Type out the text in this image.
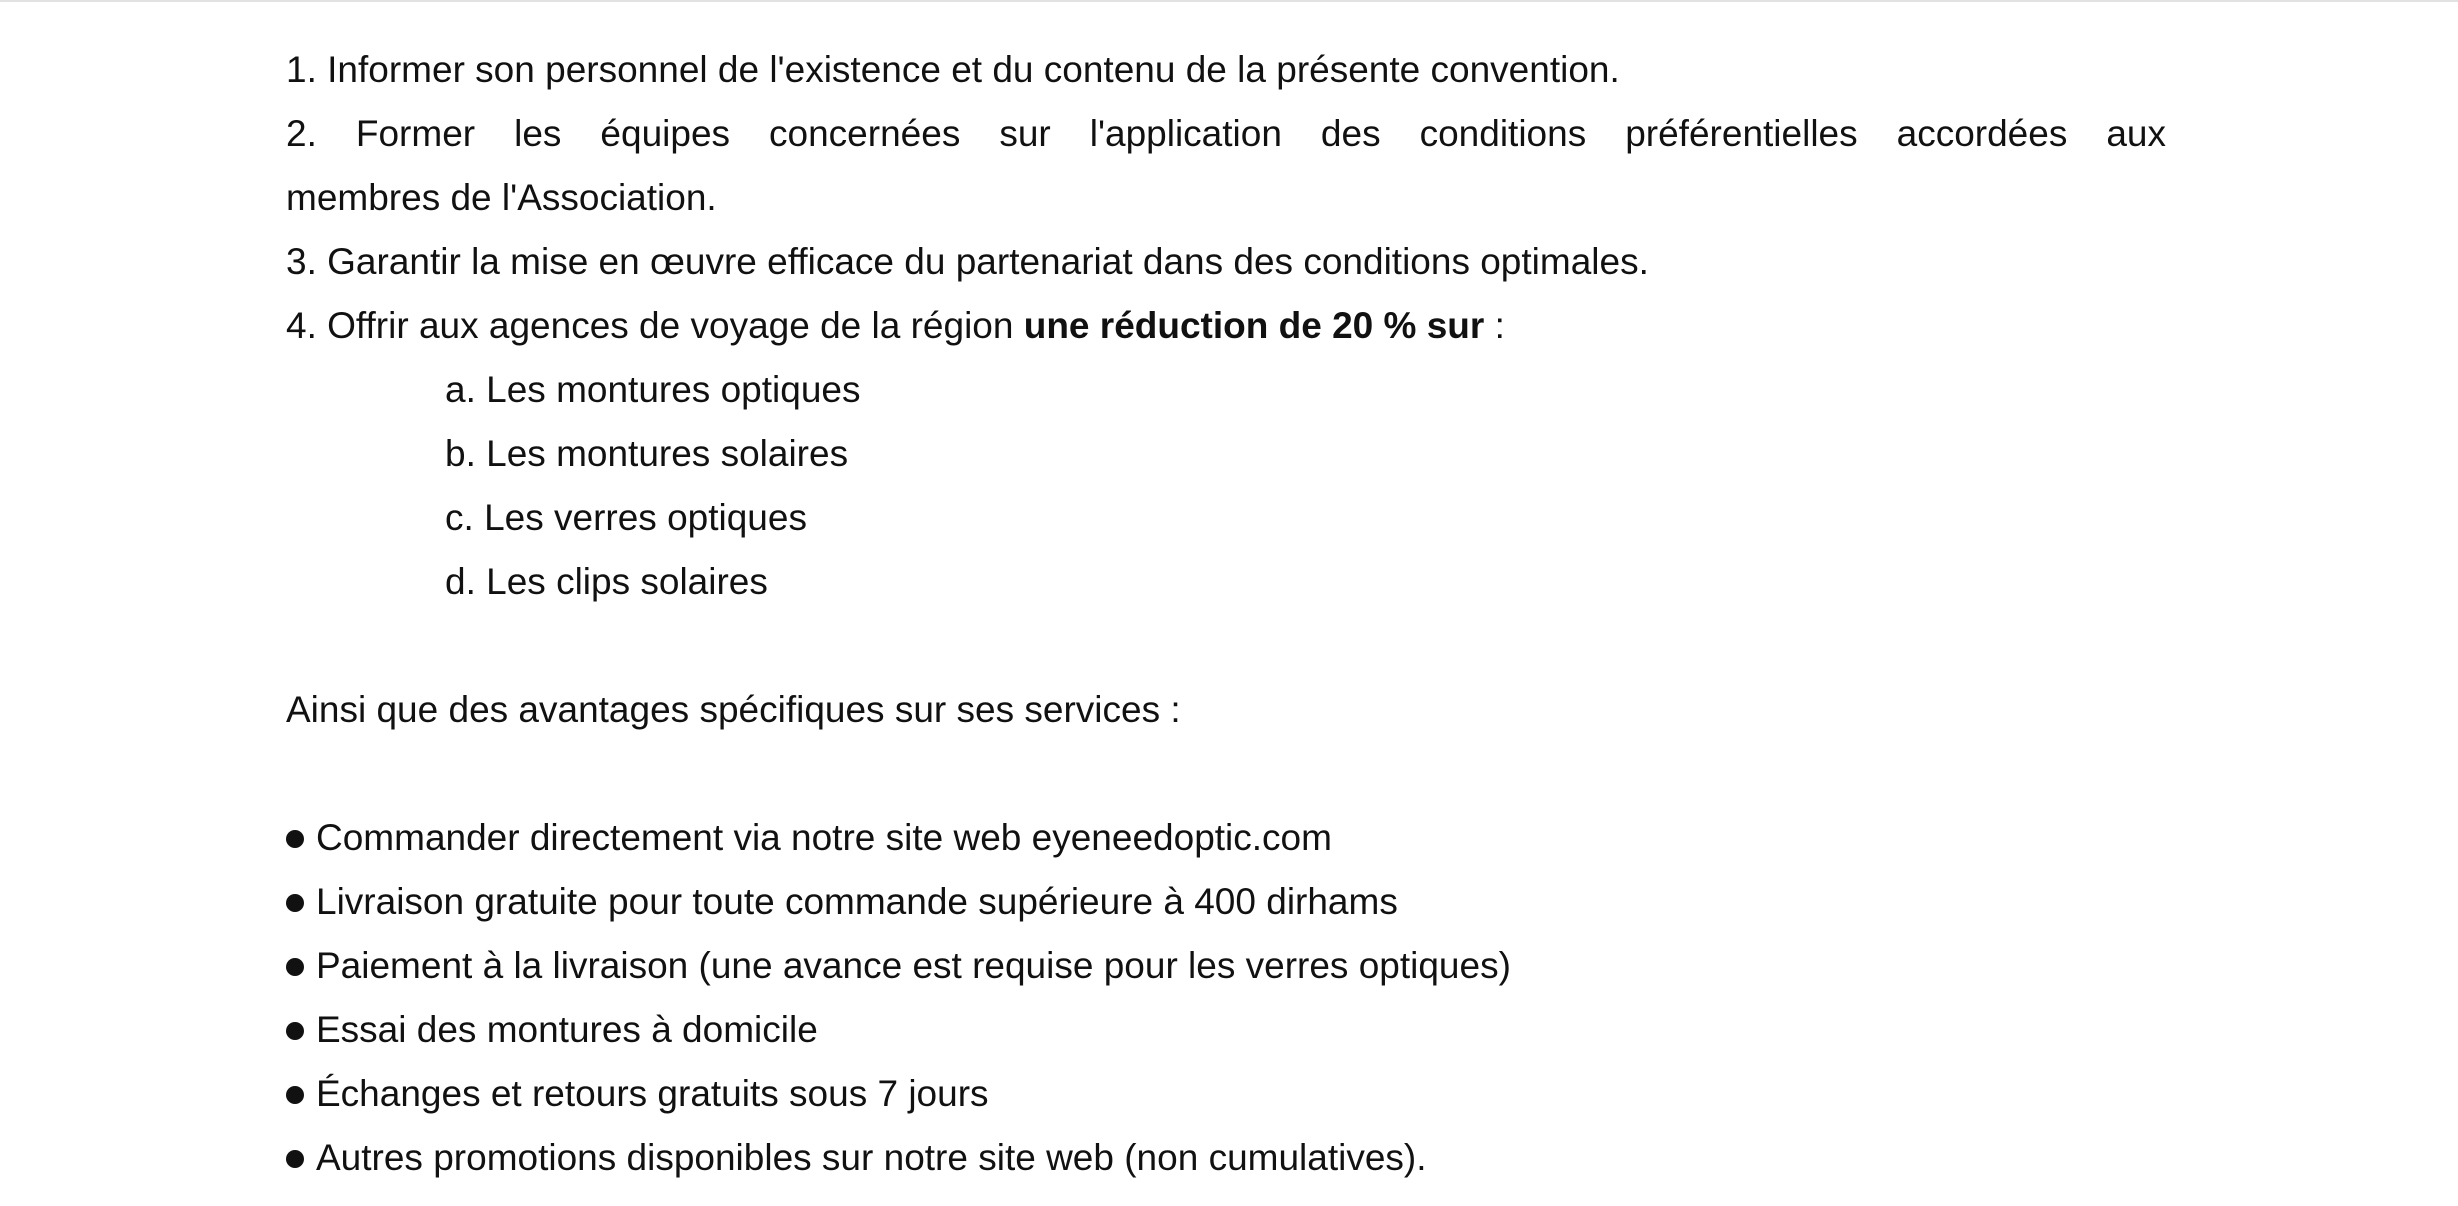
1. Informer son personnel de l'existence et du contenu de la présente convention.
2. Former les équipes concernées sur l'application des conditions préférentielles accordées aux
membres de l'Association.
3. Garantir la mise en œuvre efficace du partenariat dans des conditions optimales.
4. Offrir aux agences de voyage de la région une réduction de 20 % sur :
a. Les montures optiques
b. Les montures solaires
c. Les verres optiques
d. Les clips solaires
Ainsi que des avantages spécifiques sur ses services :
Commander directement via notre site web eyeneedoptic.com
Livraison gratuite pour toute commande supérieure à 400 dirhams
Paiement à la livraison (une avance est requise pour les verres optiques)
Essai des montures à domicile
Échanges et retours gratuits sous 7 jours
Autres promotions disponibles sur notre site web (non cumulatives).
